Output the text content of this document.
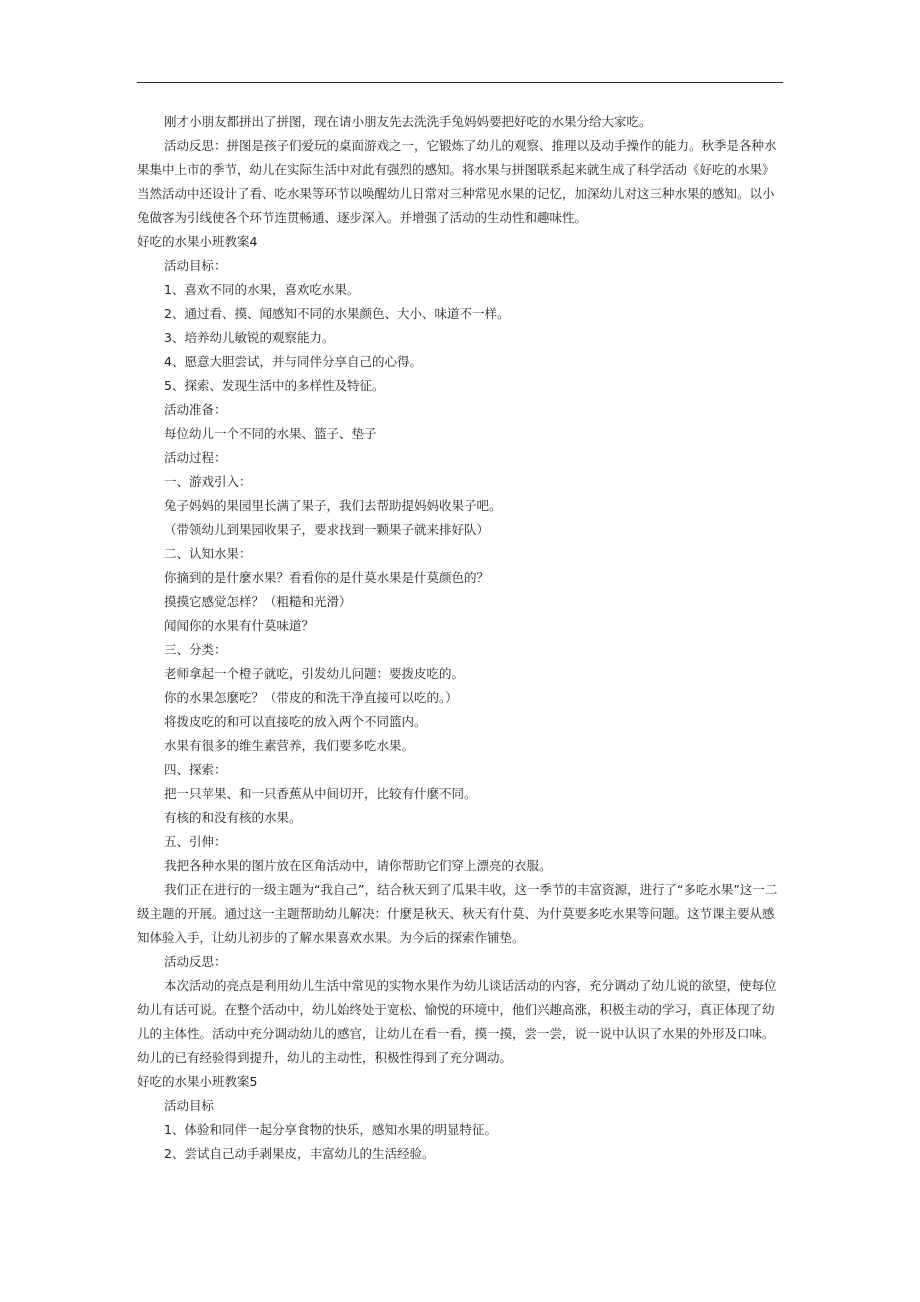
刚才小朋友都拼出了拼图，现在请小朋友先去洗洗手兔妈妈要把好吃的水果分给大家吃。

活动反思：拼图是孩子们爱玩的桌面游戏之一，它锻炼了幼儿的观察、推理以及动手操作的能力。秋季是各种水果集中上市的季节，幼儿在实际生活中对此有强烈的感知。将水果与拼图联系起来就生成了科学活动《好吃的水果》当然活动中还设计了看、吃水果等环节以唤醒幼儿日常对三种常见水果的记忆，加深幼儿对这三种水果的感知。以小兔做客为引线使各个环节连贯畅通、逐步深入。并增强了活动的生动性和趣味性。

好吃的水果小班教案4

活动目标：

1、喜欢不同的水果，喜欢吃水果。

2、通过看、摸、闻感知不同的水果颜色、大小、味道不一样。

3、培养幼儿敏锐的观察能力。

4、愿意大胆尝试，并与同伴分享自己的心得。

5、探索、发现生活中的多样性及特征。

活动准备：

每位幼儿一个不同的水果、篮子、垫子

活动过程：

一、游戏引入：

兔子妈妈的果园里长满了果子，我们去帮助提妈妈收果子吧。

（带领幼儿到果园收果子，要求找到一颗果子就来排好队）

二、认知水果：

你摘到的是什麼水果？看看你的是什莫水果是什莫颜色的？

摸摸它感觉怎样？（粗糙和光滑）

闻闻你的水果有什莫味道？

三、分类：

老师拿起一个橙子就吃，引发幼儿问题：要拨皮吃的。

你的水果怎麼吃？（带皮的和洗干净直接可以吃的。）

将拨皮吃的和可以直接吃的放入两个不同篮内。

水果有很多的维生素营养，我们要多吃水果。

四、探索：

把一只苹果、和一只香蕉从中间切开，比较有什麼不同。

有核的和没有核的水果。

五、引伸：

我把各种水果的图片放在区角活动中，请你帮助它们穿上漂亮的衣服。

我们正在进行的一级主题为“我自己”，结合秋天到了瓜果丰收，这一季节的丰富资源，进行了“多吃水果”这一二级主题的开展。通过这一主题帮助幼儿解决：什麼是秋天、秋天有什莫、为什莫要多吃水果等问题。这节课主要从感知体验入手，让幼儿初步的了解水果喜欢水果。为今后的探索作铺垫。

活动反思：

本次活动的亮点是利用幼儿生活中常见的实物水果作为幼儿谈话活动的内容，充分调动了幼儿说的欲望，使每位幼儿有话可说。在整个活动中，幼儿始终处于宽松、愉悦的环境中，他们兴趣高涨，积极主动的学习，真正体现了幼儿的主体性。活动中充分调动幼儿的感官，让幼儿在看一看，摸一摸，尝一尝，说一说中认识了水果的外形及口味。幼儿的已有经验得到提升，幼儿的主动性，积极性得到了充分调动。

好吃的水果小班教案5

活动目标

1、体验和同伴一起分享食物的快乐，感知水果的明显特征。

2、尝试自己动手剥果皮，丰富幼儿的生活经验。
